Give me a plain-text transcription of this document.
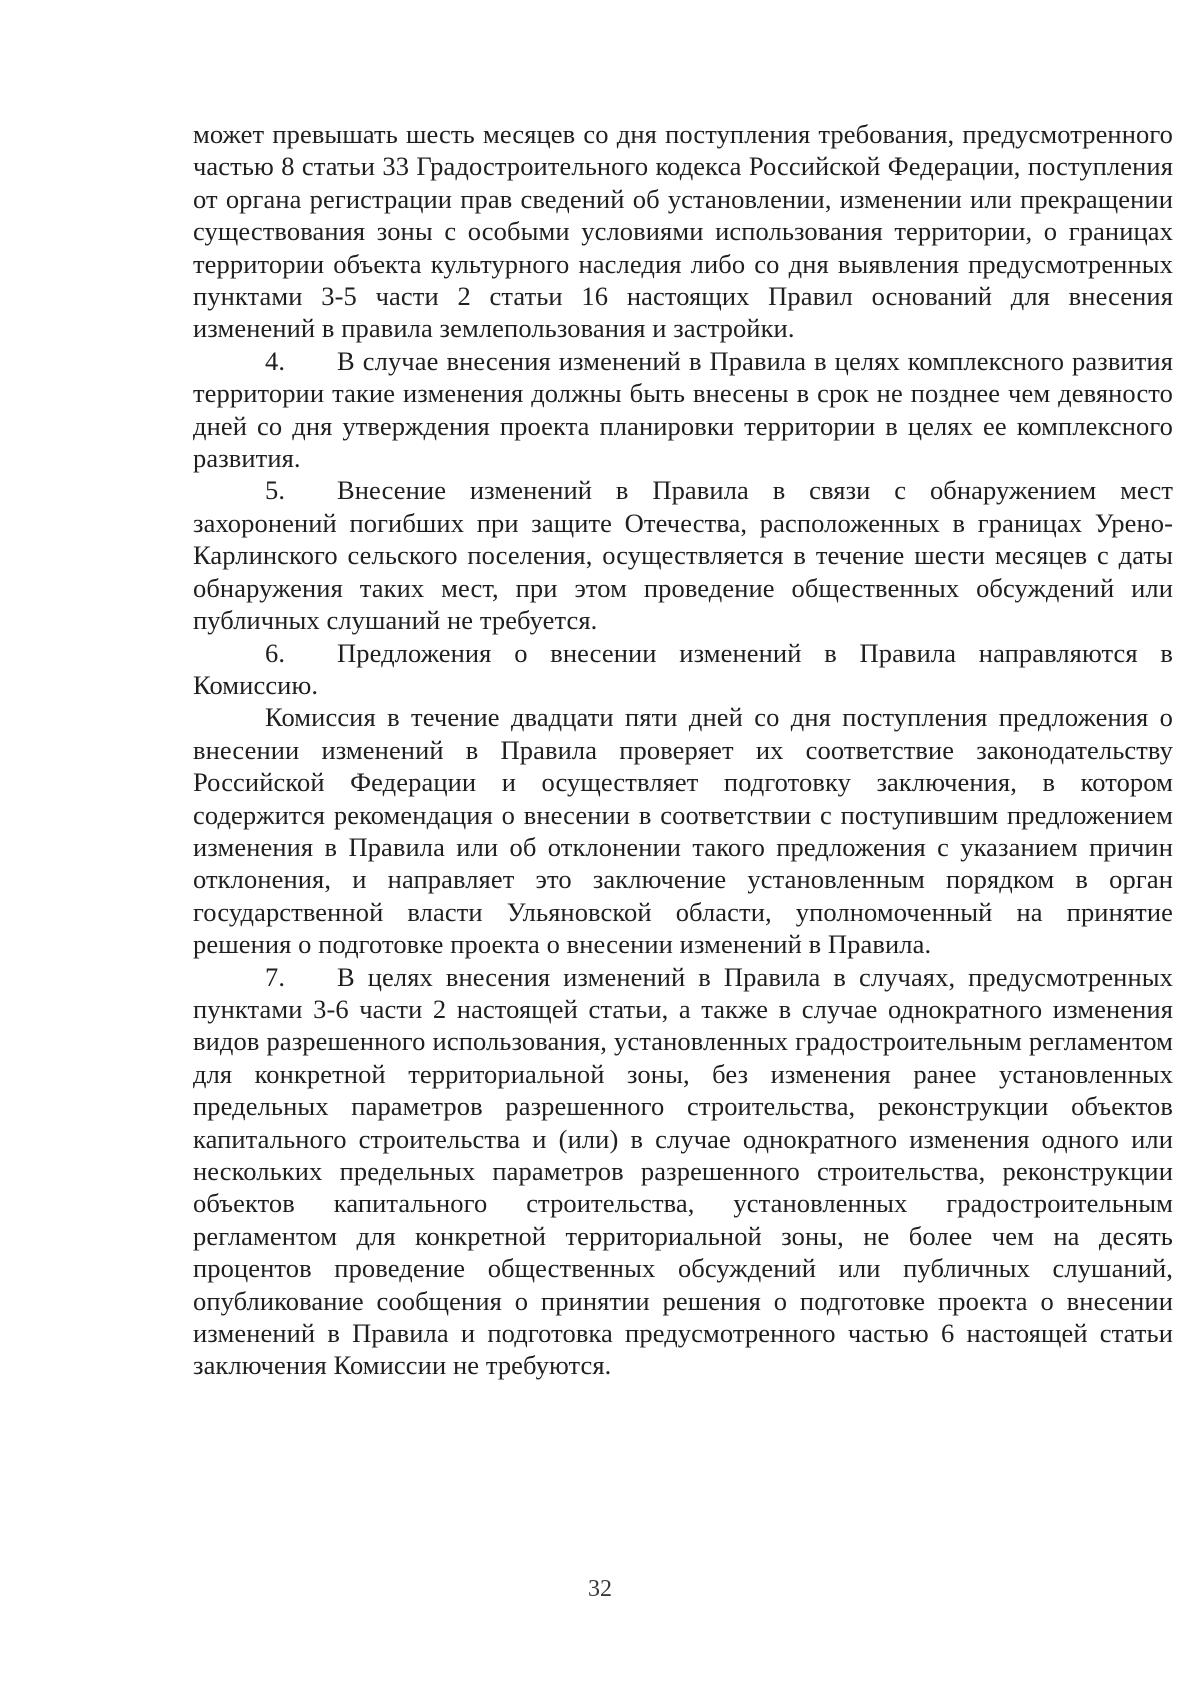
может превышать шесть месяцев со дня поступления требования, предусмотренного частью 8 статьи 33 Градостроительного кодекса Российской Федерации, поступления от органа регистрации прав сведений об установлении, изменении или прекращении существования зоны с особыми условиями использования территории, о границах территории объекта культурного наследия либо со дня выявления предусмотренных пунктами 3-5 части 2 статьи 16 настоящих Правил оснований для внесения изменений в правила землепользования и застройки.

4. В случае внесения изменений в Правила в целях комплексного развития территории такие изменения должны быть внесены в срок не позднее чем девяносто дней со дня утверждения проекта планировки территории в целях ее комплексного развития.

5. Внесение изменений в Правила в связи с обнаружением мест захоронений погибших при защите Отечества, расположенных в границах Урено-Карлинского сельского поселения, осуществляется в течение шести месяцев с даты обнаружения таких мест, при этом проведение общественных обсуждений или публичных слушаний не требуется.

6. Предложения о внесении изменений в Правила направляются в Комиссию.

Комиссия в течение двадцати пяти дней со дня поступления предложения о внесении изменений в Правила проверяет их соответствие законодательству Российской Федерации и осуществляет подготовку заключения, в котором содержится рекомендация о внесении в соответствии с поступившим предложением изменения в Правила или об отклонении такого предложения с указанием причин отклонения, и направляет это заключение установленным порядком в орган государственной власти Ульяновской области, уполномоченный на принятие решения о подготовке проекта о внесении изменений в Правила.

7. В целях внесения изменений в Правила в случаях, предусмотренных пунктами 3-6 части 2 настоящей статьи, а также в случае однократного изменения видов разрешенного использования, установленных градостроительным регламентом для конкретной территориальной зоны, без изменения ранее установленных предельных параметров разрешенного строительства, реконструкции объектов капитального строительства и (или) в случае однократного изменения одного или нескольких предельных параметров разрешенного строительства, реконструкции объектов капитального строительства, установленных градостроительным регламентом для конкретной территориальной зоны, не более чем на десять процентов проведение общественных обсуждений или публичных слушаний, опубликование сообщения о принятии решения о подготовке проекта о внесении изменений в Правила и подготовка предусмотренного частью 6 настоящей статьи заключения Комиссии не требуются.

32
